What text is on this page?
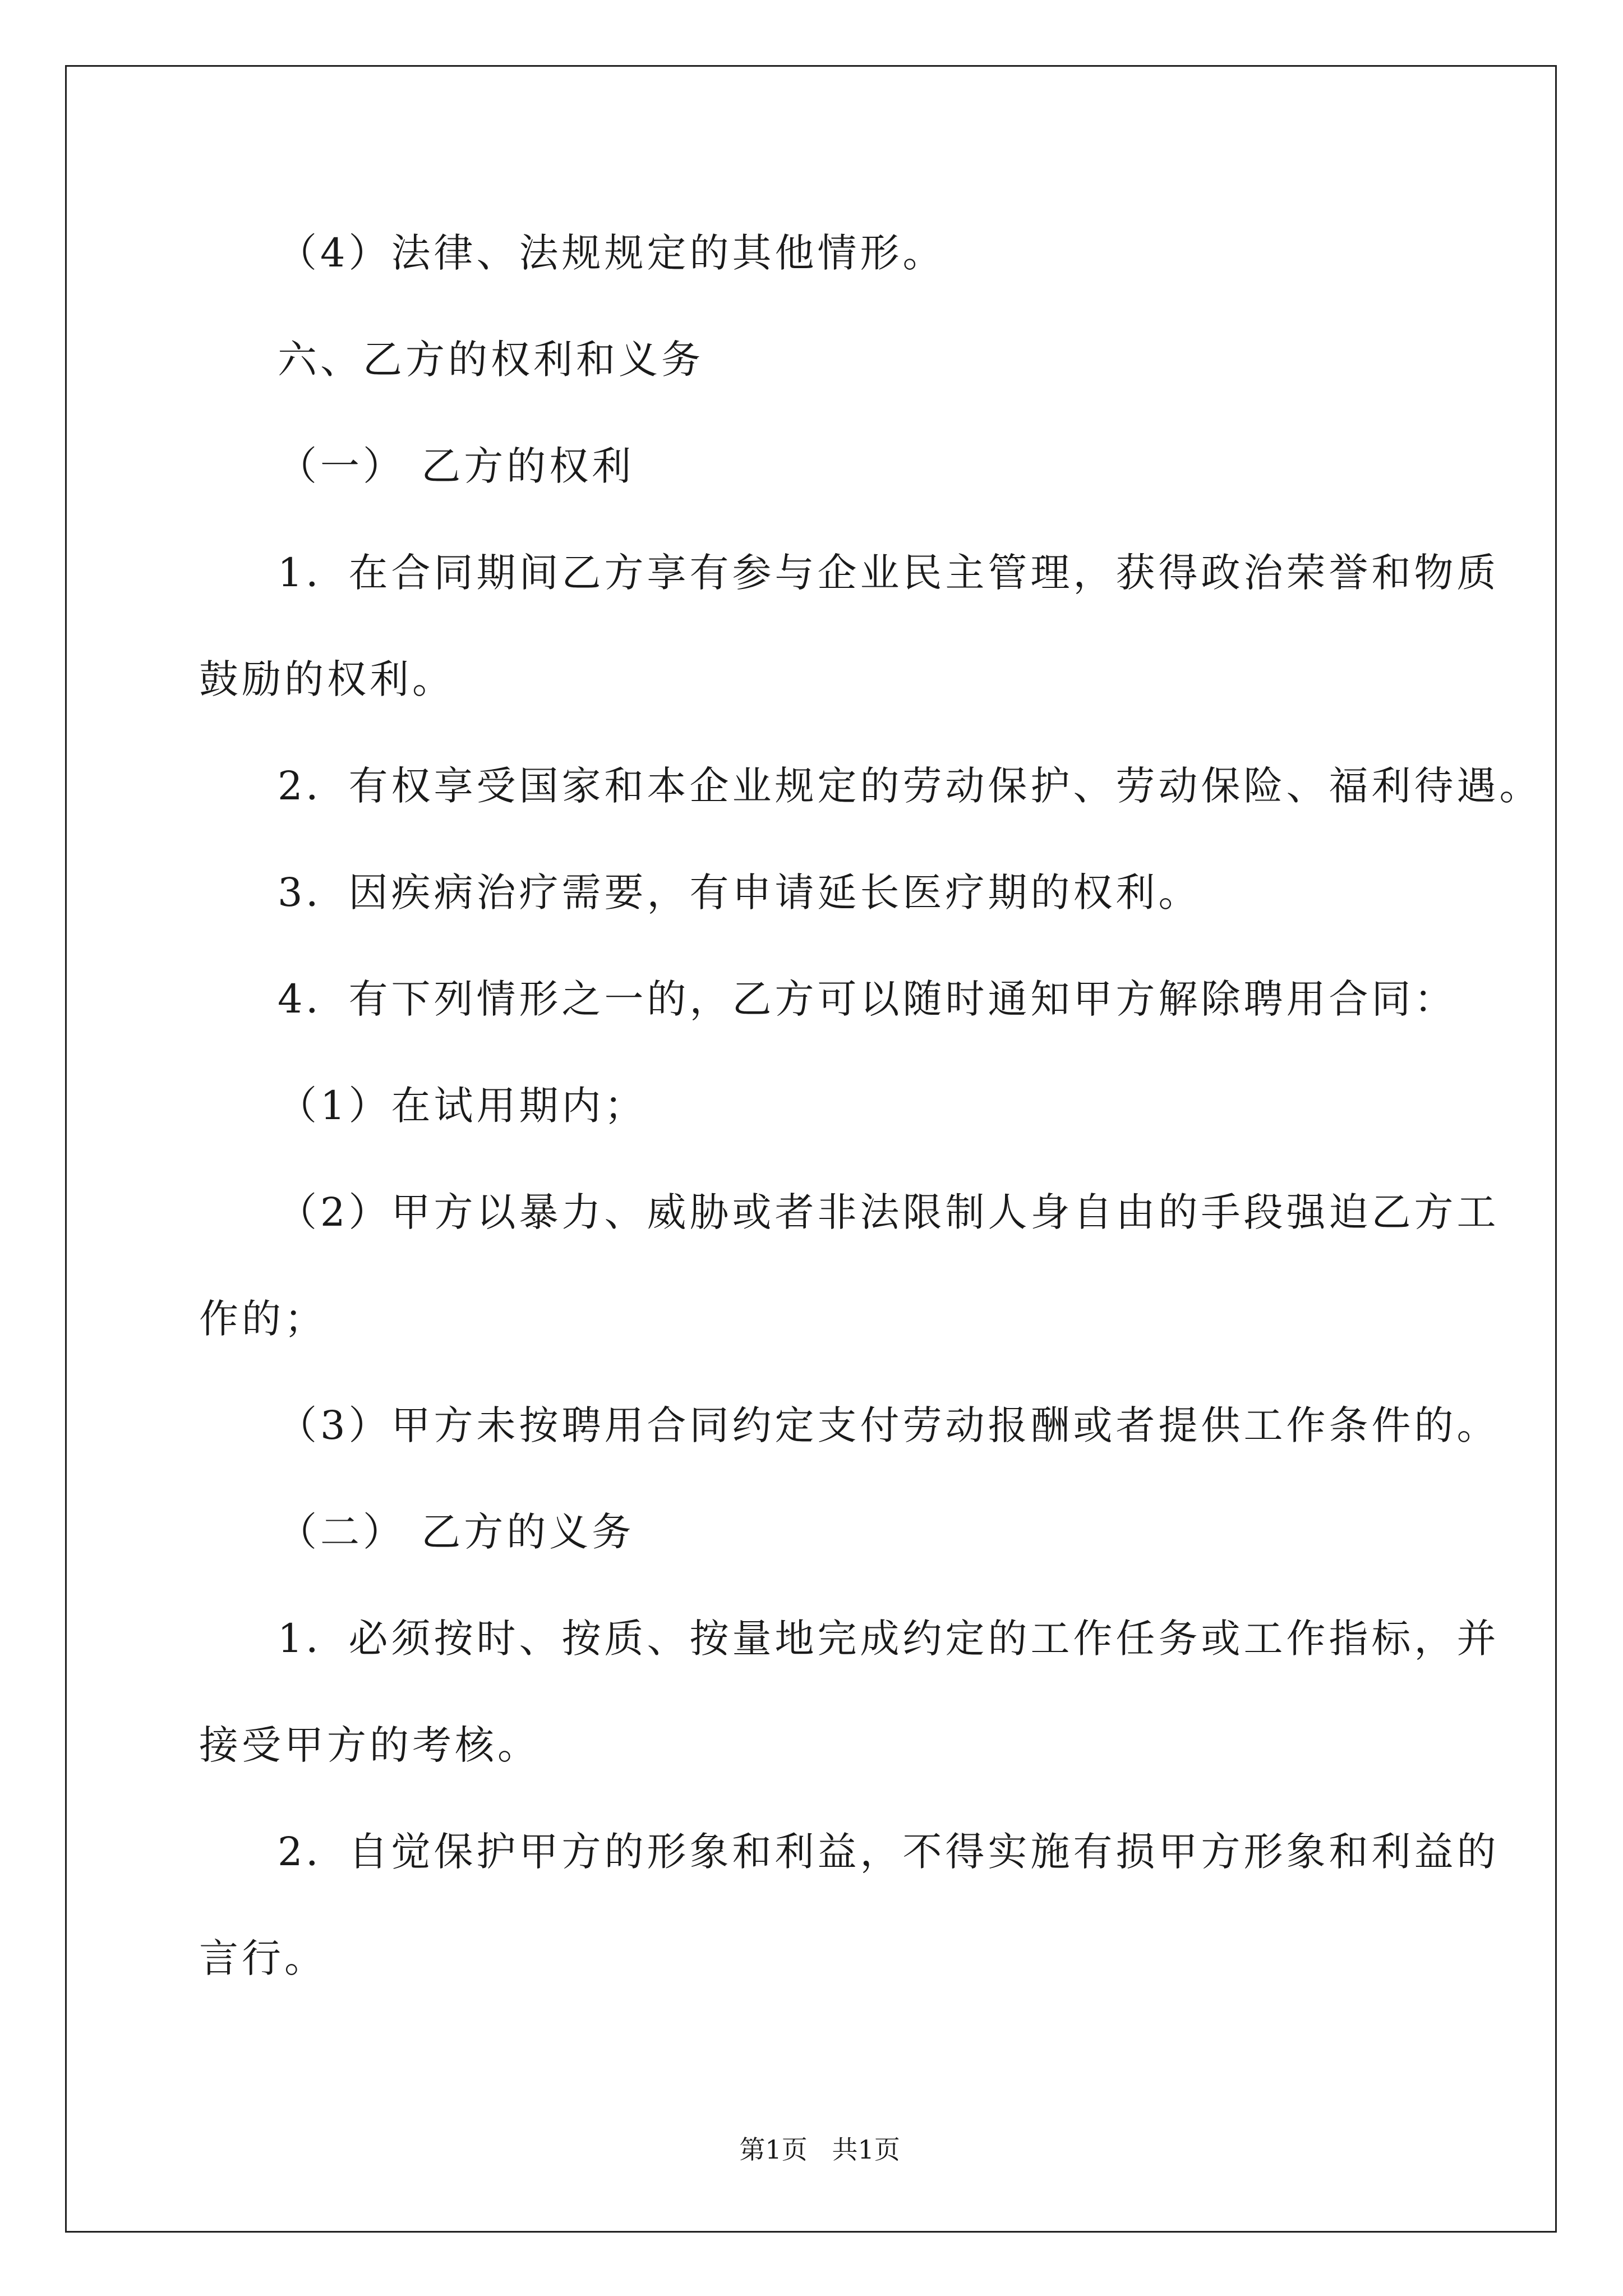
（4）法律、法规规定的其他情形。

六、乙方的权利和义务

（一） 乙方的权利

1．在合同期间乙方享有参与企业民主管理，获得政治荣誉和物质

鼓励的权利。

2．有权享受国家和本企业规定的劳动保护、劳动保险、福利待遇。

3．因疾病治疗需要，有申请延长医疗期的权利。

4．有下列情形之一的，乙方可以随时通知甲方解除聘用合同：

（1）在试用期内；

（2）甲方以暴力、威胁或者非法限制人身自由的手段强迫乙方工

作的；

（3）甲方未按聘用合同约定支付劳动报酬或者提供工作条件的。

（二） 乙方的义务

1．必须按时、按质、按量地完成约定的工作任务或工作指标，并

接受甲方的考核。

2．自觉保护甲方的形象和利益，不得实施有损甲方形象和利益的

言行。

第1页   共1页
